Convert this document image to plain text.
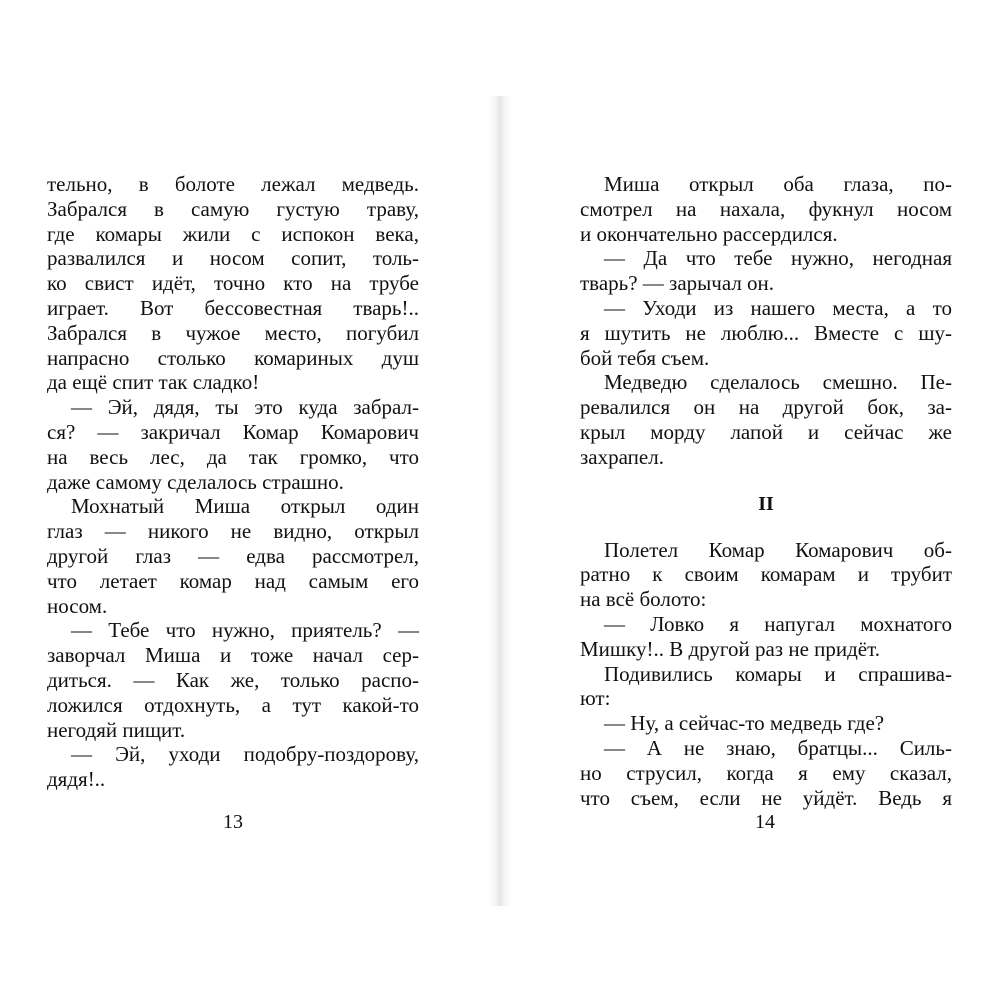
тельно, в болоте лежал медведь.

Забрался в самую густую траву,

где комары жили с испокон века,

развалился и носом сопит, толь-

ко свист идёт, точно кто на трубе

играет. Вот бессовестная тварь!..

Забрался в чужое место, погубил

напрасно столько комариных душ

да ещё спит так сладко!

— Эй, дядя, ты это куда забрал-

ся? — закричал Комар Комарович

на весь лес, да так громко, что

даже самому сделалось страшно.

Мохнатый Миша открыл один

глаз — никого не видно, открыл

другой глаз — едва рассмотрел,

что летает комар над самым его

носом.

— Тебе что нужно, приятель? —

заворчал Миша и тоже начал сер-

диться. — Как же, только распо-

ложился отдохнуть, а тут какой-то

негодяй пищит.

— Эй, уходи подобру-поздорову,

дядя!..

13

Миша открыл оба глаза, по-

смотрел на нахала, фукнул носом

и окончательно рассердился.

— Да что тебе нужно, негодная

тварь? — зарычал он.

— Уходи из нашего места, а то

я шутить не люблю... Вместе с шу-

бой тебя съем.

Медведю сделалось смешно. Пе-

ревалился он на другой бок, за-

крыл морду лапой и сейчас же

захрапел.

II

Полетел Комар Комарович об-

ратно к своим комарам и трубит

на всё болото:

— Ловко я напугал мохнатого

Мишку!.. В другой раз не придёт.

Подивились комары и спрашива-

ют:

— Ну, а сейчас-то медведь где?

— А не знаю, братцы... Силь-

но струсил, когда я ему сказал,

что съем, если не уйдёт. Ведь я

14
